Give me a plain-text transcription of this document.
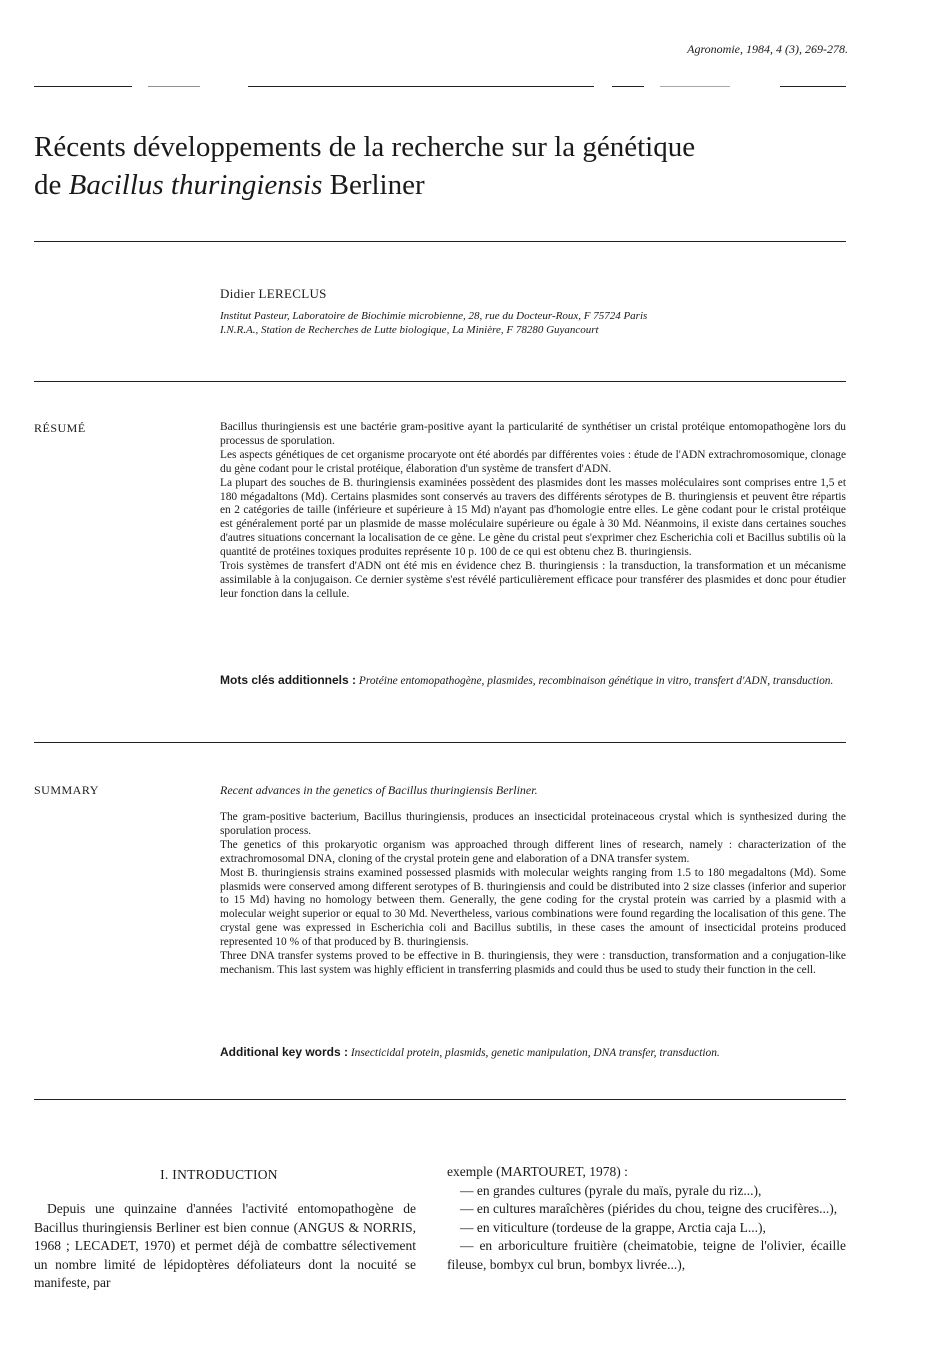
Agronomie, 1984, 4 (3), 269-278.
Récents développements de la recherche sur la génétique
de Bacillus thuringiensis Berliner
Didier LERECLUS
Institut Pasteur, Laboratoire de Biochimie microbienne, 28, rue du Docteur-Roux, F 75724 Paris
I.N.R.A., Station de Recherches de Lutte biologique, La Minière, F 78280 Guyancourt
RÉSUMÉ	Bacillus thuringiensis est une bactérie gram-positive ayant la particularité de synthétiser un cristal protéique entomopathogène lors du processus de sporulation.

Les aspects génétiques de cet organisme procaryote ont été abordés par différentes voies : étude de l'ADN extrachromosomique, clonage du gène codant pour le cristal protéique, élaboration d'un système de transfert d'ADN.

La plupart des souches de B. thuringiensis examinées possèdent des plasmides dont les masses moléculaires sont comprises entre 1,5 et 180 mégadaltons (Md). Certains plasmides sont conservés au travers des différents sérotypes de B. thuringiensis et peuvent être répartis en 2 catégories de taille (inférieure et supérieure à 15 Md) n'ayant pas d'homologie entre elles. Le gène codant pour le cristal protéique est généralement porté par un plasmide de masse moléculaire supérieure ou égale à 30 Md. Néanmoins, il existe dans certaines souches d'autres situations concernant la localisation de ce gène. Le gène du cristal peut s'exprimer chez Escherichia coli et Bacillus subtilis où la quantité de protéines toxiques produites représente 10 p. 100 de ce qui est obtenu chez B. thuringiensis.

Trois systèmes de transfert d'ADN ont été mis en évidence chez B. thuringiensis : la transduction, la transformation et un mécanisme assimilable à la conjugaison. Ce dernier système s'est révélé particulièrement efficace pour transférer des plasmides et donc pour étudier leur fonction dans la cellule.

Mots clés additionnels : Protéine entomopathogène, plasmides, recombinaison génétique in vitro, transfert d'ADN, transduction.
SUMMARY	Recent advances in the genetics of Bacillus thuringiensis Berliner.

The gram-positive bacterium, Bacillus thuringiensis, produces an insecticidal proteinaceous crystal which is synthesized during the sporulation process.

The genetics of this prokaryotic organism was approached through different lines of research, namely : characterization of the extrachromosomal DNA, cloning of the crystal protein gene and elaboration of a DNA transfer system.

Most B. thuringiensis strains examined possessed plasmids with molecular weights ranging from 1.5 to 180 megadaltons (Md). Some plasmids were conserved among different serotypes of B. thuringiensis and could be distributed into 2 size classes (inferior and superior to 15 Md) having no homology between them. Generally, the gene coding for the crystal protein was carried by a plasmid with a molecular weight superior or equal to 30 Md. Nevertheless, various combinations were found regarding the localisation of this gene. The crystal gene was expressed in Escherichia coli and Bacillus subtilis, in these cases the amount of insecticidal proteins produced represented 10 % of that produced by B. thuringiensis.

Three DNA transfer systems proved to be effective in B. thuringiensis, they were : transduction, transformation and a conjugation-like mechanism. This last system was highly efficient in transferring plasmids and could thus be used to study their function in the cell.

Additional key words : Insecticidal protein, plasmids, genetic manipulation, DNA transfer, transduction.
I. INTRODUCTION

Depuis une quinzaine d'années l'activité entomopathogène de Bacillus thuringiensis Berliner est bien connue (ANGUS & NORRIS, 1968 ; LECADET, 1970) et permet déjà de combattre sélectivement un nombre limité de lépidoptères défoliateurs dont la nocuité se manifeste, par

exemple (MARTOURET, 1978) :

— en grandes cultures (pyrale du maïs, pyrale du riz...),

— en cultures maraîchères (piérides du chou, teigne des crucifères...),

— en viticulture (tordeuse de la grappe, Arctia caja L...),

— en arboriculture fruitière (cheimatobie, teigne de l'olivier, écaille fileuse, bombyx cul brun, bombyx livrée...),
